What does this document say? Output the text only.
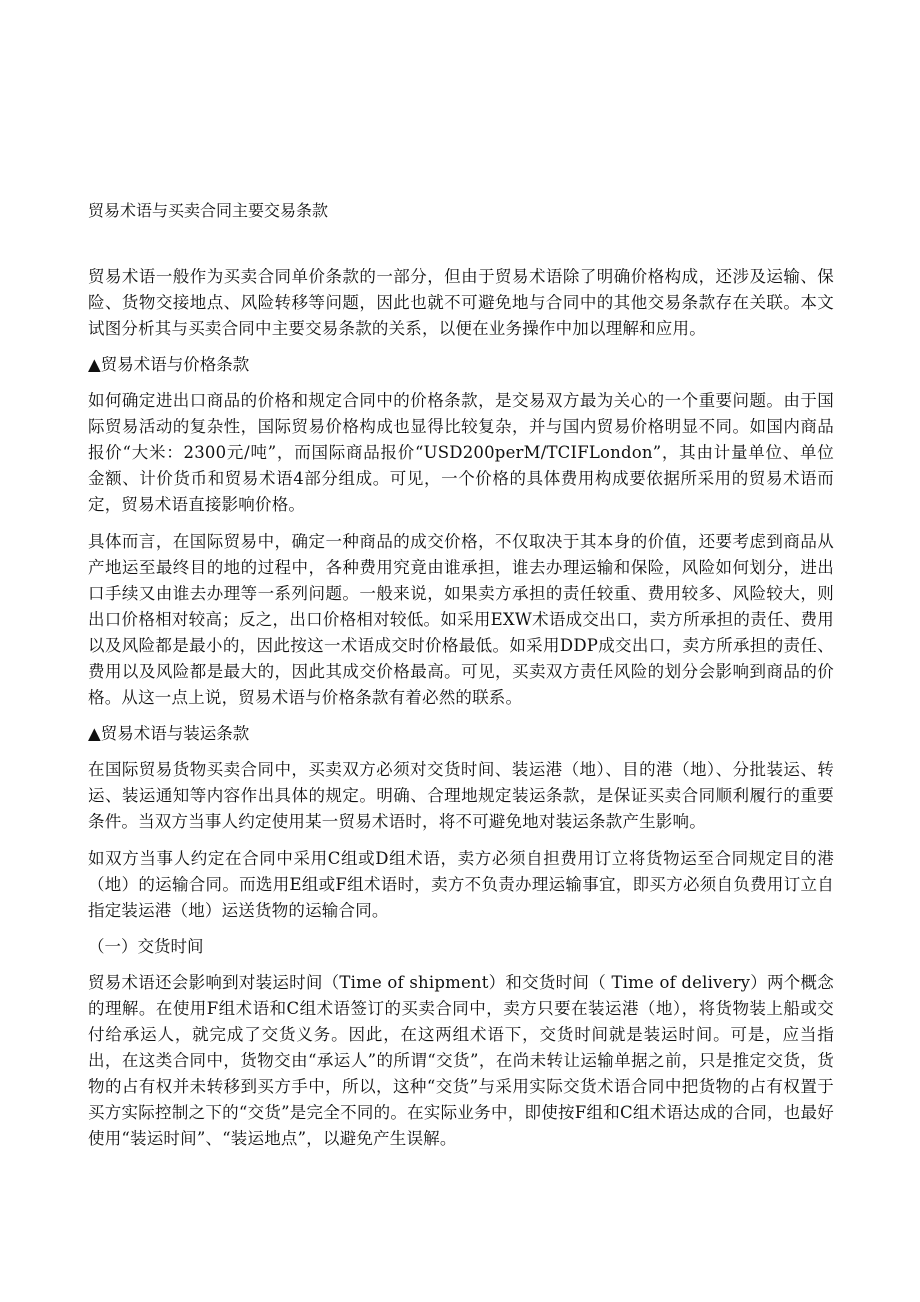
贸易术语与买卖合同主要交易条款

贸易术语一般作为买卖合同单价条款的一部分，但由于贸易术语除了明确价格构成，还涉及运输、保险、货物交接地点、风险转移等问题，因此也就不可避免地与合同中的其他交易条款存在关联。本文试图分析其与买卖合同中主要交易条款的关系，以便在业务操作中加以理解和应用。

▲贸易术语与价格条款

如何确定进出口商品的价格和规定合同中的价格条款，是交易双方最为关心的一个重要问题。由于国际贸易活动的复杂性，国际贸易价格构成也显得比较复杂，并与国内贸易价格明显不同。如国内商品报价“大米：2300元/吨”，而国际商品报价“USD200perM/TCIFLondon”，其由计量单位、单位金额、计价货币和贸易术语4部分组成。可见，一个价格的具体费用构成要依据所采用的贸易术语而定，贸易术语直接影响价格。

具体而言，在国际贸易中，确定一种商品的成交价格，不仅取决于其本身的价值，还要考虑到商品从产地运至最终目的地的过程中，各种费用究竟由谁承担，谁去办理运输和保险，风险如何划分，进出口手续又由谁去办理等一系列问题。一般来说，如果卖方承担的责任较重、费用较多、风险较大，则出口价格相对较高；反之，出口价格相对较低。如采用EXW术语成交出口，卖方所承担的责任、费用以及风险都是最小的，因此按这一术语成交时价格最低。如采用DDP成交出口，卖方所承担的责任、费用以及风险都是最大的，因此其成交价格最高。可见，买卖双方责任风险的划分会影响到商品的价格。从这一点上说，贸易术语与价格条款有着必然的联系。

▲贸易术语与装运条款

在国际贸易货物买卖合同中，买卖双方必须对交货时间、装运港（地）、目的港（地）、分批装运、转运、装运通知等内容作出具体的规定。明确、合理地规定装运条款，是保证买卖合同顺利履行的重要条件。当双方当事人约定使用某一贸易术语时，将不可避免地对装运条款产生影响。

如双方当事人约定在合同中采用C组或D组术语，卖方必须自担费用订立将货物运至合同规定目的港（地）的运输合同。而选用E组或F组术语时，卖方不负责办理运输事宜，即买方必须自负费用订立自指定装运港（地）运送货物的运输合同。

（一）交货时间

贸易术语还会影响到对装运时间（Time of shipment）和交货时间（ Time of delivery）两个概念的理解。在使用F组术语和C组术语签订的买卖合同中，卖方只要在装运港（地），将货物装上船或交付给承运人，就完成了交货义务。因此，在这两组术语下，交货时间就是装运时间。可是，应当指出，在这类合同中，货物交由“承运人”的所谓“交货”，在尚未转让运输单据之前，只是推定交货，货物的占有权并未转移到买方手中，所以，这种“交货”与采用实际交货术语合同中把货物的占有权置于买方实际控制之下的“交货”是完全不同的。在实际业务中，即使按F组和C组术语达成的合同，也最好使用“装运时间”、“装运地点”，以避免产生误解。
